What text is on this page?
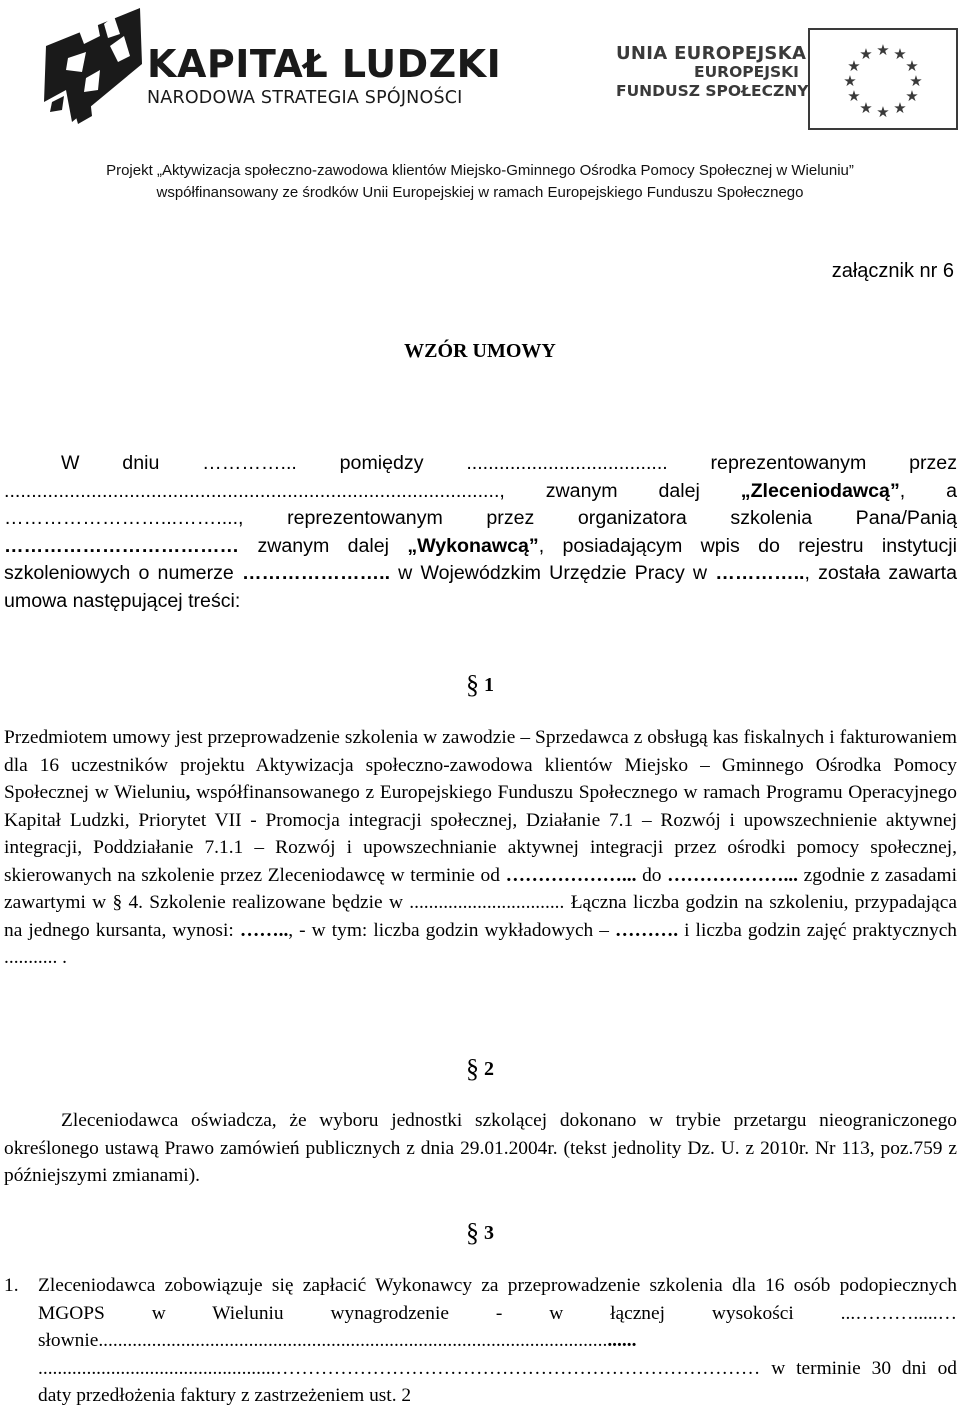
KAPITAŁ LUDZKI
NARODOWA STRATEGIA SPÓJNOŚCI
UNIA EUROPEJSKA
EUROPEJSKI
FUNDUSZ SPOŁECZNY
★ ★
★
★
★
★
★
★
★
★
★
★
Projekt „Aktywizacja społeczno-zawodowa klientów Miejsko-Gminnego Ośrodka Pomocy Społecznej w Wieluniu”
współfinansowany ze środków Unii Europejskiej w ramach Europejskiego Funduszu Społecznego
załącznik nr 6
WZÓR UMOWY
W dniu …………... pomiędzy ..................................... reprezentowanym przez ..........................................................................................., zwanym dalej „Zleceniodawcą”, a ……………………...……...., reprezentowanym przez organizatora szkolenia Pana/Panią ……………………………… zwanym dalej „Wykonawcą”, posiadającym wpis do rejestru instytucji szkoleniowych o numerze ………………….. w Wojewódzkim Urzędzie Pracy w ………….., została zawarta umowa następującej treści:
§ 1
Przedmiotem umowy jest przeprowadzenie szkolenia w zawodzie – Sprzedawca z obsługą kas fiskalnych i fakturowaniem dla 16 uczestników projektu Aktywizacja społeczno-zawodowa klientów Miejsko – Gminnego Ośrodka Pomocy Społecznej w Wieluniu, współfinansowanego z Europejskiego Funduszu Społecznego w ramach Programu Operacyjnego Kapitał Ludzki, Priorytet VII - Promocja integracji społecznej, Działanie 7.1 – Rozwój i upowszechnienie aktywnej integracji, Poddziałanie 7.1.1 – Rozwój i upowszechnianie aktywnej integracji przez ośrodki pomocy społecznej, skierowanych na szkolenie przez Zleceniodawcę w terminie od ………………... do ………………... zgodnie z zasadami zawartymi w § 4. Szkolenie realizowane będzie w ................................ Łączna liczba godzin na szkoleniu, przypadająca na jednego kursanta, wynosi: …….., - w tym: liczba godzin wykładowych – ………. i liczba godzin zajęć praktycznych ........... .
§ 2
Zleceniodawca oświadcza, że wyboru jednostki szkolącej dokonano w trybie przetargu nieograniczonego określonego ustawą Prawo zamówień publicznych z dnia 29.01.2004r. (tekst jednolity Dz. U. z 2010r. Nr 113, poz.759 z późniejszymi zmianami).
§ 3
1. Zleceniodawca zobowiązuje się zapłacić Wykonawcy za przeprowadzenie szkolenia dla 16 osób podopiecznych MGOPS w Wieluniu wynagrodzenie - w łącznej wysokości ...……….....…słownie............................................................................................................... .................................................………………………………………………………………… w terminie 30 dni od daty przedłożenia faktury z zastrzeżeniem ust. 2
